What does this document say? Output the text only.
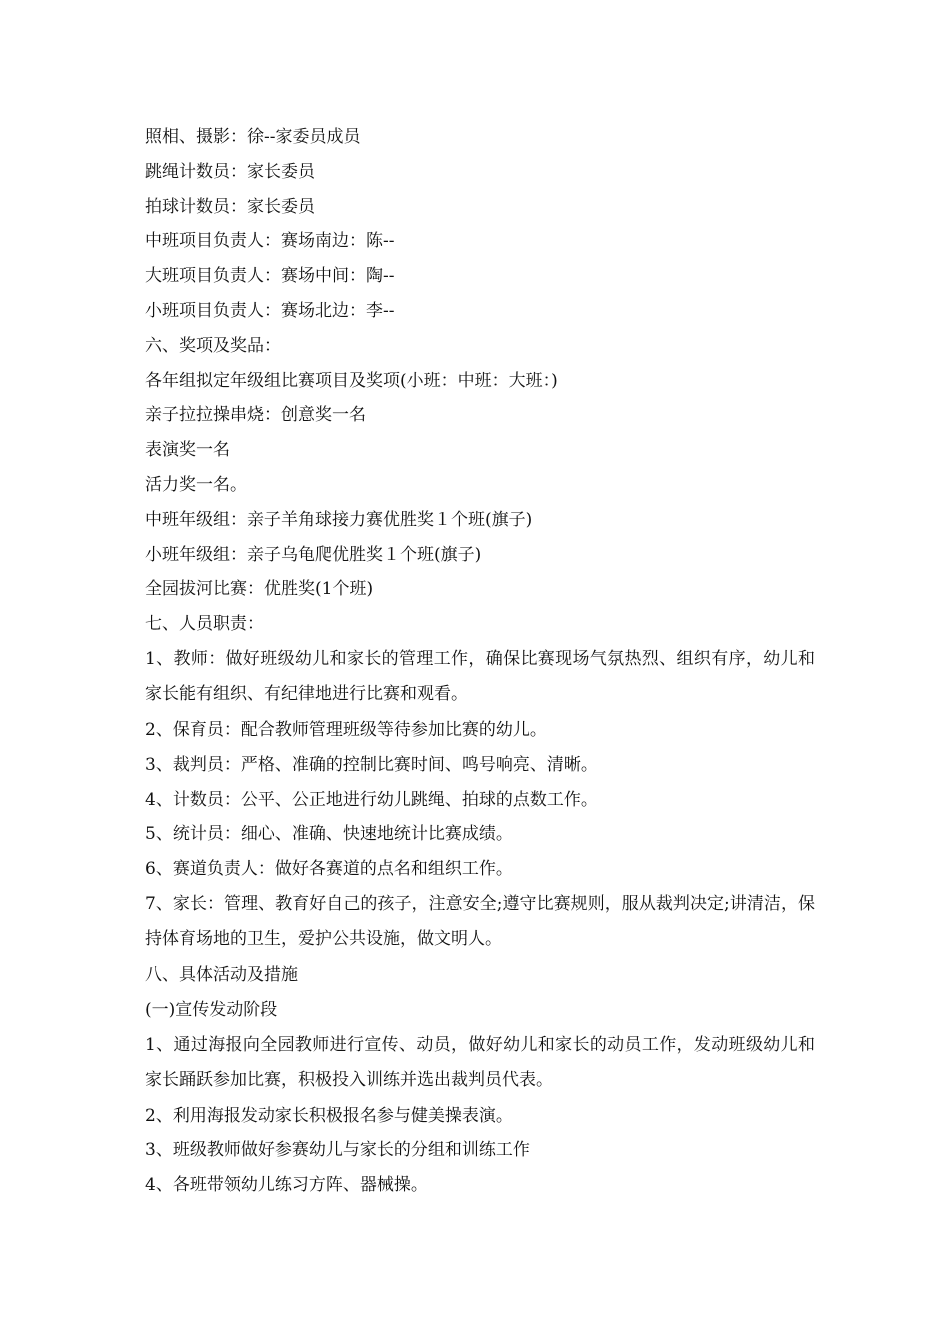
照相、摄影：徐--家委员成员
跳绳计数员：家长委员
拍球计数员：家长委员
中班项目负责人：赛场南边：陈--
大班项目负责人：赛场中间：陶--
小班项目负责人：赛场北边：李--
六、奖项及奖品：
各年组拟定年级组比赛项目及奖项(小班：中班：大班：)
亲子拉拉操串烧：创意奖一名
表演奖一名
活力奖一名。
中班年级组：亲子羊角球接力赛优胜奖１个班(旗子)
小班年级组：亲子乌龟爬优胜奖１个班(旗子)
全园拔河比赛：优胜奖(1个班)
七、人员职责：
1、教师：做好班级幼儿和家长的管理工作，确保比赛现场气氛热烈、组织有序，幼儿和家长能有组织、有纪律地进行比赛和观看。
2、保育员：配合教师管理班级等待参加比赛的幼儿。
3、裁判员：严格、准确的控制比赛时间、鸣号响亮、清晰。
4、计数员：公平、公正地进行幼儿跳绳、拍球的点数工作。
5、统计员：细心、准确、快速地统计比赛成绩。
6、赛道负责人：做好各赛道的点名和组织工作。
7、家长：管理、教育好自己的孩子，注意安全;遵守比赛规则，服从裁判决定;讲清洁，保持体育场地的卫生，爱护公共设施，做文明人。
八、具体活动及措施
(一)宣传发动阶段
1、通过海报向全园教师进行宣传、动员，做好幼儿和家长的动员工作，发动班级幼儿和家长踊跃参加比赛，积极投入训练并选出裁判员代表。
2、利用海报发动家长积极报名参与健美操表演。
3、班级教师做好参赛幼儿与家长的分组和训练工作
4、各班带领幼儿练习方阵、器械操。
